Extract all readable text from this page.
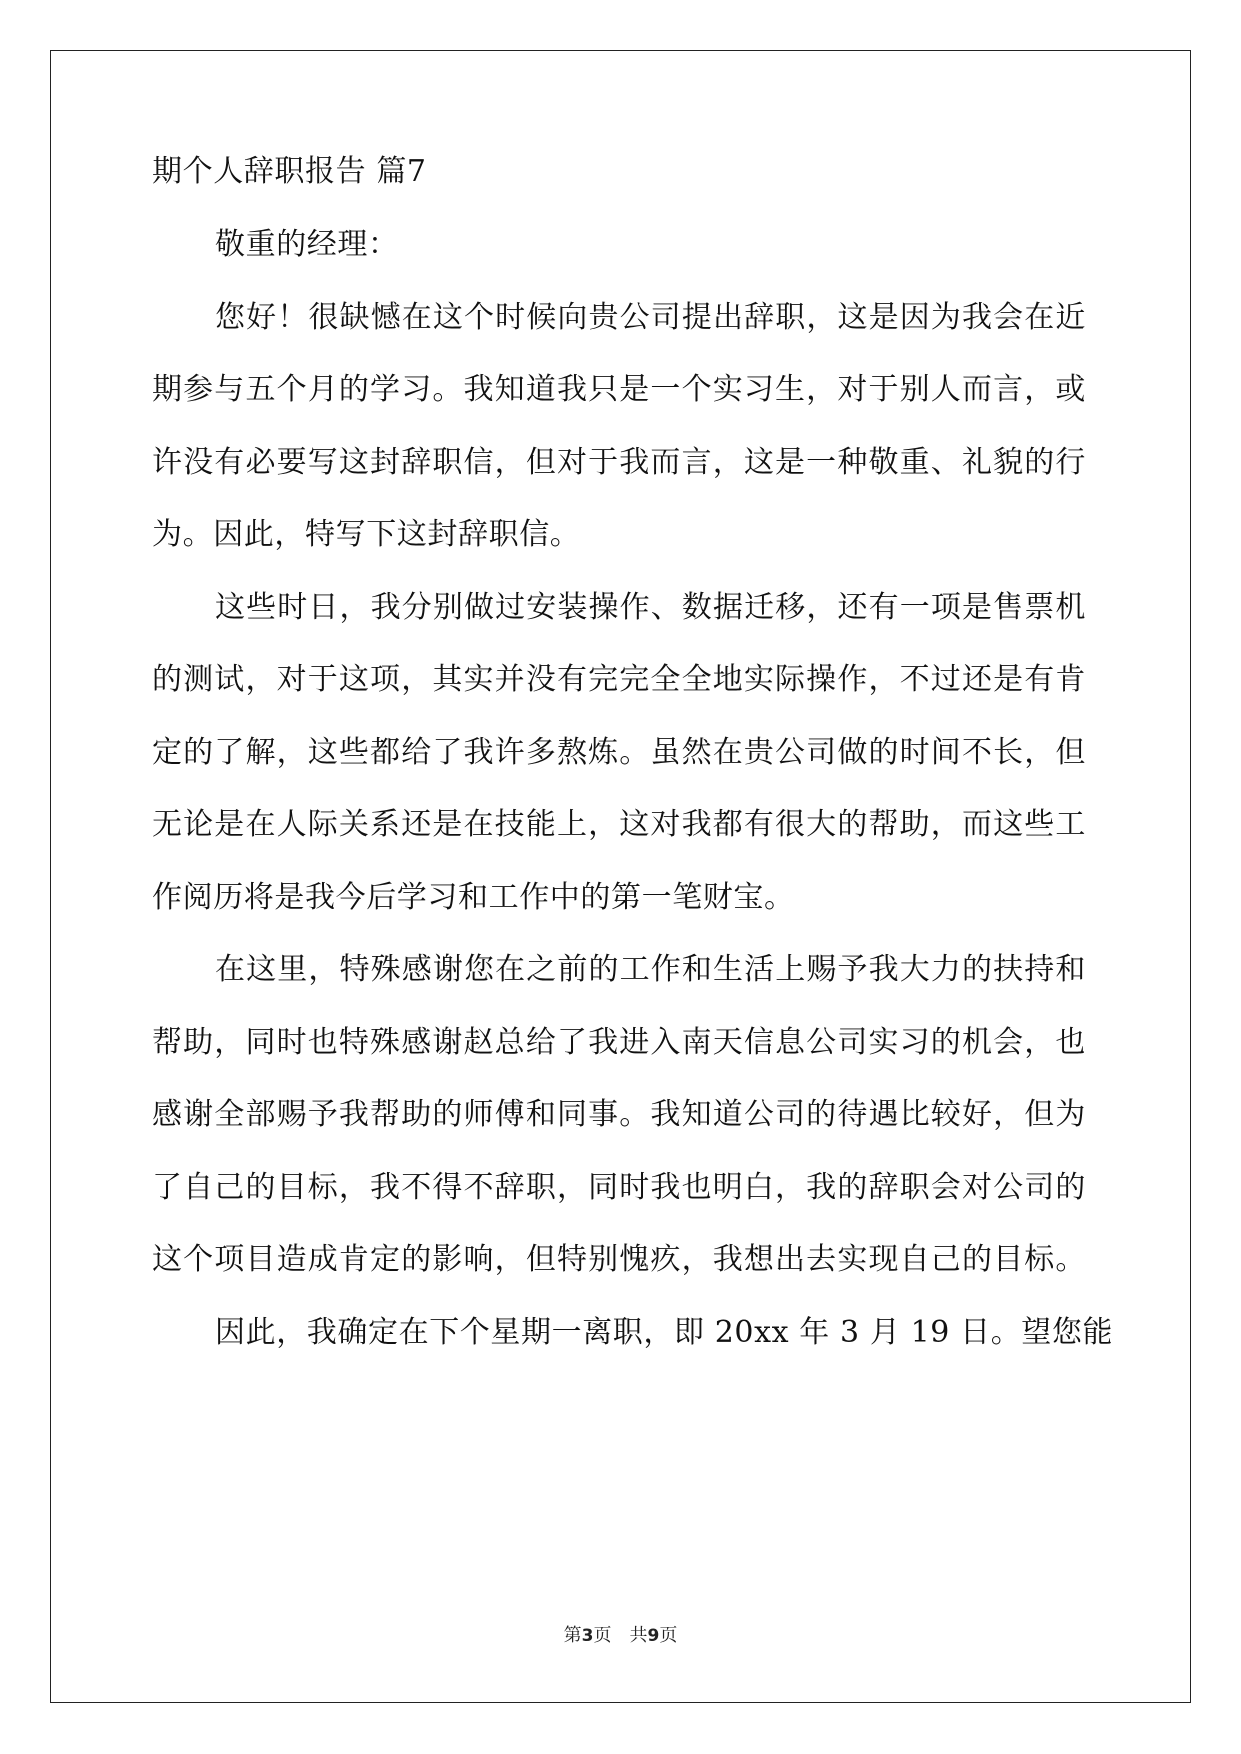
期个人辞职报告 篇7

敬重的经理：

您好！很缺憾在这个时候向贵公司提出辞职，这是因为我会在近

期参与五个月的学习。我知道我只是一个实习生，对于别人而言，或

许没有必要写这封辞职信，但对于我而言，这是一种敬重、礼貌的行

为。因此，特写下这封辞职信。

这些时日，我分别做过安装操作、数据迁移，还有一项是售票机

的测试，对于这项，其实并没有完完全全地实际操作，不过还是有肯

定的了解，这些都给了我许多熬炼。虽然在贵公司做的时间不长，但

无论是在人际关系还是在技能上，这对我都有很大的帮助，而这些工

作阅历将是我今后学习和工作中的第一笔财宝。

在这里，特殊感谢您在之前的工作和生活上赐予我大力的扶持和

帮助，同时也特殊感谢赵总给了我进入南天信息公司实习的机会，也

感谢全部赐予我帮助的师傅和同事。我知道公司的待遇比较好，但为

了自己的目标，我不得不辞职，同时我也明白，我的辞职会对公司的

这个项目造成肯定的影响，但特别愧疚，我想出去实现自己的目标。

因此，我确定在下个星期一离职，即 20xx 年 3 月 19 日。望您能

第3页 共9页
